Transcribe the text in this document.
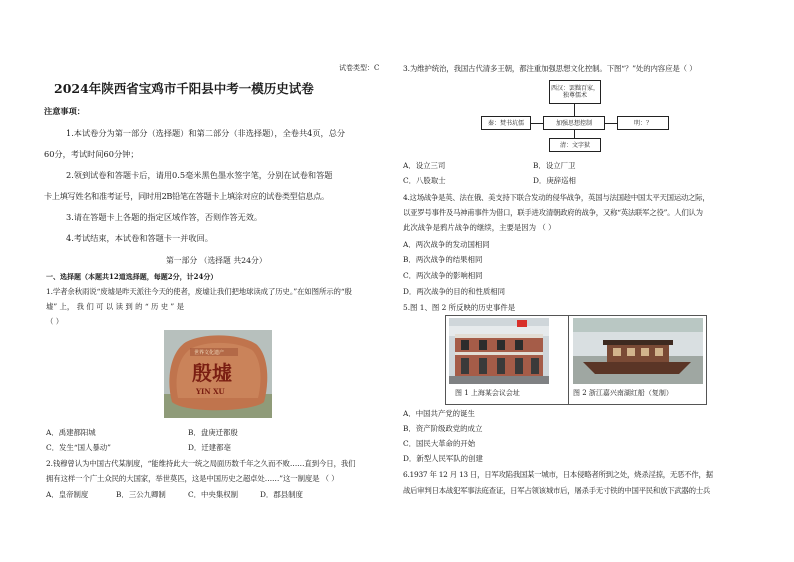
试卷类型：C
2024年陕西省宝鸡市千阳县中考一模历史试卷
注意事项：
1.本试卷分为第一部分（选择题）和第二部分（非选择题），全卷共4页，总分
60分，考试时间60分钟；
2.领到试卷和答题卡后，请用0.5毫米黑色墨水签字笔，分别在试卷和答题
卡上填写姓名和准考证号，同时用2B铅笔在答题卡上填涂对应的试卷类型信息点。
3.请在答题卡上各题的指定区域作答，否则作答无效。
4.考试结束，本试卷和答题卡一并收回。
第一部分 （选择题 共24分）
一、选择题（本题共12道选择题，每题2分，计24分）
1.学者余秋雨说“废墟是昨天派往今天的使者，废墟让我们把地球读成了历史。”在如图所示的“殷
墟” 上， 我 们 可 以 读 到 的 “ 历 史 ” 是
（ ）
世界文化遗产
殷墟
YIN XU
A．禹建都阳城	B．盘庚迁都殷
C．发生“国人暴动”	D．迁建都亳
2.钱穆曾认为中国古代某制度，“能维持此大一统之局面历数千年之久而不败……直到今日，我们
拥有这样一个广土众民的大国家，举世莫匹，这是中国历史之超卓处……”这一制度是 （ ）
A．皇帝制度	B．三公九卿制	C．中央集权制	D．郡县制度
3.为维护统治，我国古代清多王朝，都注重加强思想文化控制。下图“？”处的内容应是（ ）
西汉：罢黜百家，独尊儒术
加强思想控制
秦：焚书坑儒	明：？
清：文字狱
A．设立三司	B．设立厂卫
C．八股取士	D．庚辞巡相
4.这场战争是英、法在俄、美支持下联合发动的侵华战争，英国与法国趁中国太平天国运动之际，
以亚罗号事件及马神甫事件为借口，联手进攻清朝政府的战争，又称“英法联军之役”。人们认为
此次战争是鸦片战争的继续，主要是因为 （ ）
A．两次战争的发动国相同
B．两次战争的结果相同
C．两次战争的影响相同
D．两次战争的目的和性质相同
5.图 1、图 2 所反映的历史事件是
图 1 上海某会议会址	图 2 浙江嘉兴南湖红船（复制）
A．中国共产党的诞生
B．资产阶级政党的成立
C．国民大革命的开始
D．新型人民军队的创建
6.1937 年 12 月 13 日，日军攻陷我国某一城市，日本侵略者所到之处，烧杀淫掠，无恶不作，据
战后审判日本战犯军事法庭查证，日军占领该城市后，屠杀手无寸铁的中国平民和放下武器的士兵
